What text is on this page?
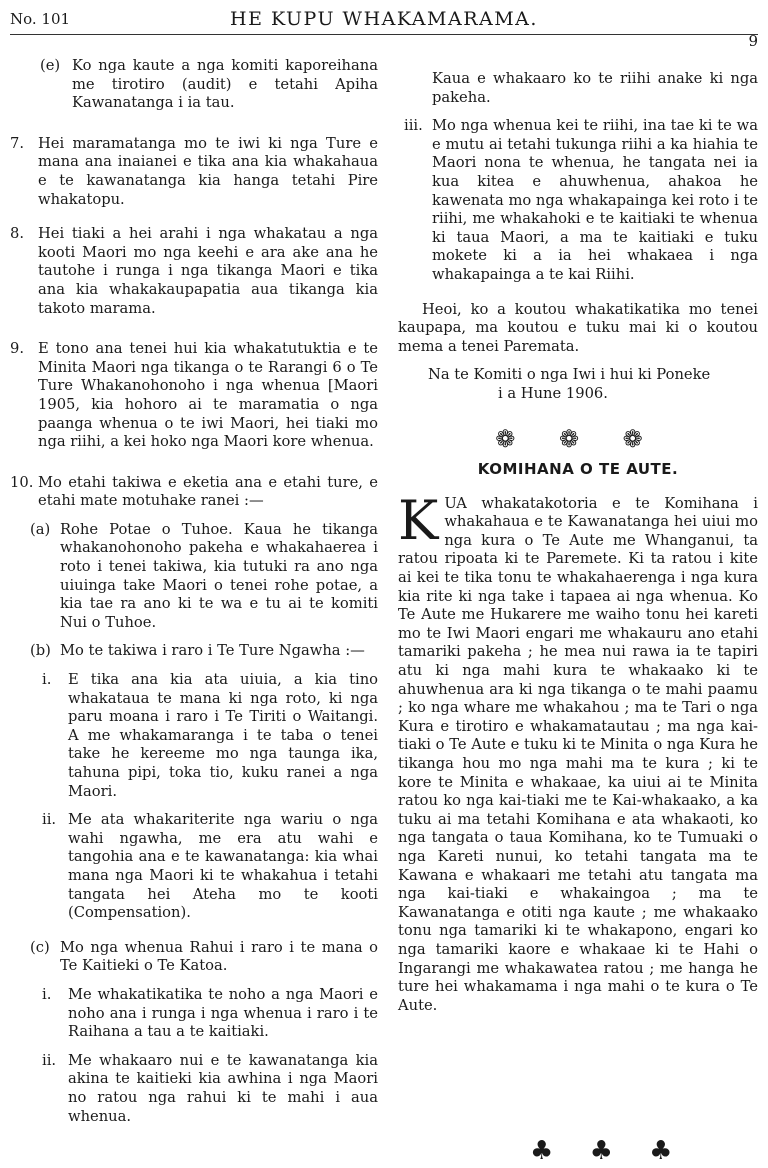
No. 101	HE KUPU WHAKAMARAMA.
9
(e) Ko nga kaute a nga komiti kaporeihana me tirotiro (audit) e tetahi Apiha Kawanatanga i ia tau.

7. Hei maramatanga mo te iwi ki nga Ture e mana ana inaianei e tika ana kia whakahaua e te kawanatanga kia hanga tetahi Pire whakatopu.

8. Hei tiaki a hei arahi i nga whakatau a nga kooti Maori mo nga keehi e ara ake ana he tautohe i runga i nga tikanga Maori e tika ana kia whakakaupapatia aua tikanga kia takoto marama.

9. E tono ana tenei hui kia whakatutuktia e te Minita Maori nga tikanga o te Rarangi 6 o Te Ture Whakanohonoho i nga whenua [Maori 1905, kia hohoro ai te maramatia o nga paanga whenua o te iwi Maori, hei tiaki mo nga riihi, a kei hoko nga Maori kore whenua.

10. Mo etahi takiwa e eketia ana e etahi ture, e etahi mate motuhake ranei :—

(a) Rohe Potae o Tuhoe. Kaua he tikanga whakanohonoho pakeha e whakahaerea i roto i tenei takiwa, kia tutuki ra ano nga uiuinga take Maori o tenei rohe potae, a kia tae ra ano ki te wa e tu ai te komiti Nui o Tuhoe.

(b) Mo te takiwa i raro i Te Ture Ngawha :—

i. E tika ana kia ata uiuia, a kia tino whakataua te mana ki nga roto, ki nga paru moana i raro i Te Tiriti o Waitangi. A me whakamaranga i te taba o tenei take he kereeme mo nga taunga ika, tahuna pipi, toka tio, kuku ranei a nga Maori.

ii. Me ata whakariterite nga wariu o nga wahi ngawha, me era atu wahi e tangohia ana e te kawanatanga: kia whai mana nga Maori ki te whakahua i tetahi tangata hei Ateha mo te kooti (Compensation).

(c) Mo nga whenua Rahui i raro i te mana o Te Kaitieki o Te Katoa.

i. Me whakatikatika te noho a nga Maori e noho ana i runga i nga whenua i raro i te Raihana a tau a te kaitiaki.

ii. Me whakaaro nui e te kawanatanga kia akina te kaitieki kia awhina i nga Maori no ratou nga rahui ki te mahi i aua whenua.

Kaua e whakaaro ko te riihi anake ki nga pakeha.

iii. Mo nga whenua kei te riihi, ina tae ki te wa e mutu ai tetahi tukunga riihi a ka hiahia te Maori nona te whenua, he tangata nei ia kua kitea e ahuwhenua, ahakoa he kawenata mo nga whakapainga kei roto i te riihi, me whakahoki e te kaitiaki te whenua ki taua Maori, a ma te kaitiaki e tuku mokete ki a ia hei whakaea i nga whakapainga a te kai Riihi.

Heoi, ko a koutou whakatikatika mo tenei kaupapa, ma koutou e tuku mai ki o koutou mema a tenei Paremata.

Na te Komiti o nga Iwi i hui ki Poneke

i a Hune 1906.

❁ ❁ ❁
KOMIHANA O TE AUTE.

KUA whakatakotoria e te Komihana i whakahaua e te Kawanatanga hei uiui mo nga kura o Te Aute me Whanganui, ta ratou ripoata ki te Paremete. Ki ta ratou i kite ai kei te tika tonu te whakahaerenga i nga kura kia rite ki nga take i tapaea ai nga whenua. Ko Te Aute me Hukarere me waiho tonu hei kareti mo te Iwi Maori engari me whakauru ano etahi tamariki pakeha ; he mea nui rawa ia te tapiri atu ki nga mahi kura te whakaako ki te ahuwhenua ara ki nga tikanga o te mahi paamu ; ko nga whare me whakahou ; ma te Tari o nga Kura e tirotiro e whakamatautau ; ma nga kai-tiaki o Te Aute e tuku ki te Minita o nga Kura he tikanga hou mo nga mahi ma te kura ; ki te kore te Minita e whakaae, ka uiui ai te Minita ratou ko nga kai-tiaki me te Kai-whakaako, a ka tuku ai ma tetahi Komihana e ata whakaoti, ko nga tangata o taua Komihana, ko te Tumuaki o nga Kareti nunui, ko tetahi tangata ma te Kawana e whakaari me tetahi atu tangata ma nga kai-tiaki e whakaingoa ; ma te Kawanatanga e otiti nga kaute ; me whakaako tonu nga tamariki ki te whakapono, engari ko nga tamariki kaore e whakaae ki te Hahi o Ingarangi me whakawatea ratou ; me hanga he ture hei whakamama i nga mahi o te kura o Te Aute.

♣ ♣ ♣
